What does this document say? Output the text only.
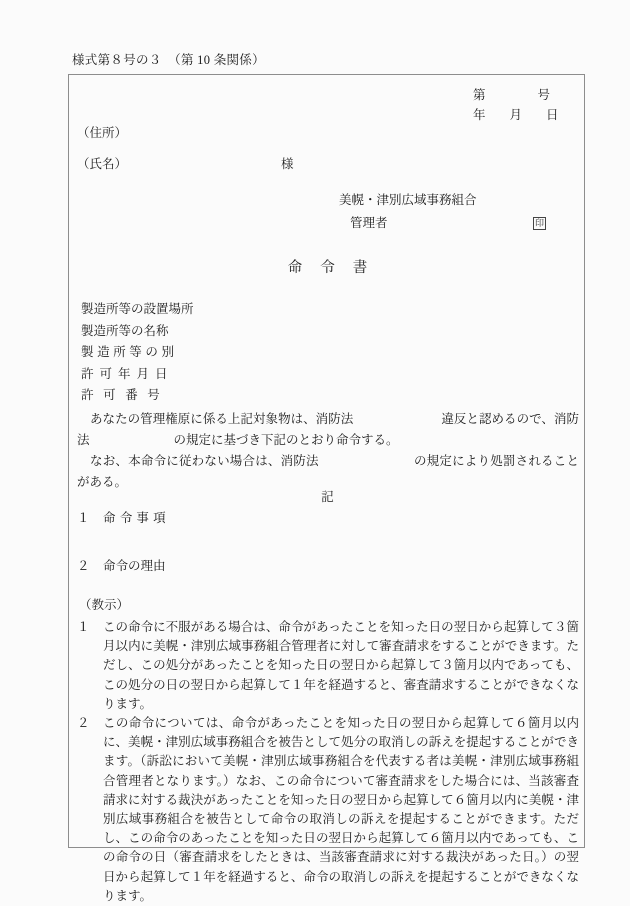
様式第８号の３　（第 10 条関係）
第	号
年 月 日
（住所）
（氏名）	様
美幌・津別広域事務組合
管理者	印
命令書
製造所等の設置場所
製造所等の名称
製造所等の別
許可年月日
許可番号

あなたの管理権原に係る上記対象物は、消防法	違反と認めるので、消防法	の規定に基づき下記のとおり命令する。

なお、本命令に従わない場合は、消防法	の規定により処罰されることがある。

記
１ 命令事項
２ 命令の理由
（教示）
１	この命令に不服がある場合は、命令があったことを知った日の翌日から起算して３箇月以内に美幌・津別広域事務組合管理者に対して審査請求をすることができます。ただし、この処分があったことを知った日の翌日から起算して３箇月以内であっても、この処分の日の翌日から起算して１年を経過すると、審査請求することができなくなります。
２	この命令については、命令があったことを知った日の翌日から起算して６箇月以内に、美幌・津別広域事務組合を被告として処分の取消しの訴えを提起することができます。（訴訟において美幌・津別広域事務組合を代表する者は美幌・津別広域事務組合管理者となります。）なお、この命令について審査請求をした場合には、当該審査請求に対する裁決があったことを知った日の翌日から起算して６箇月以内に美幌・津別広域事務組合を被告として命令の取消しの訴えを提起することができます。ただし、この命令のあったことを知った日の翌日から起算して６箇月以内であっても、この命令の日（審査請求をしたときは、当該審査請求に対する裁決があった日。）の翌日から起算して１年を経過すると、命令の取消しの訴えを提起することができなくなります。
